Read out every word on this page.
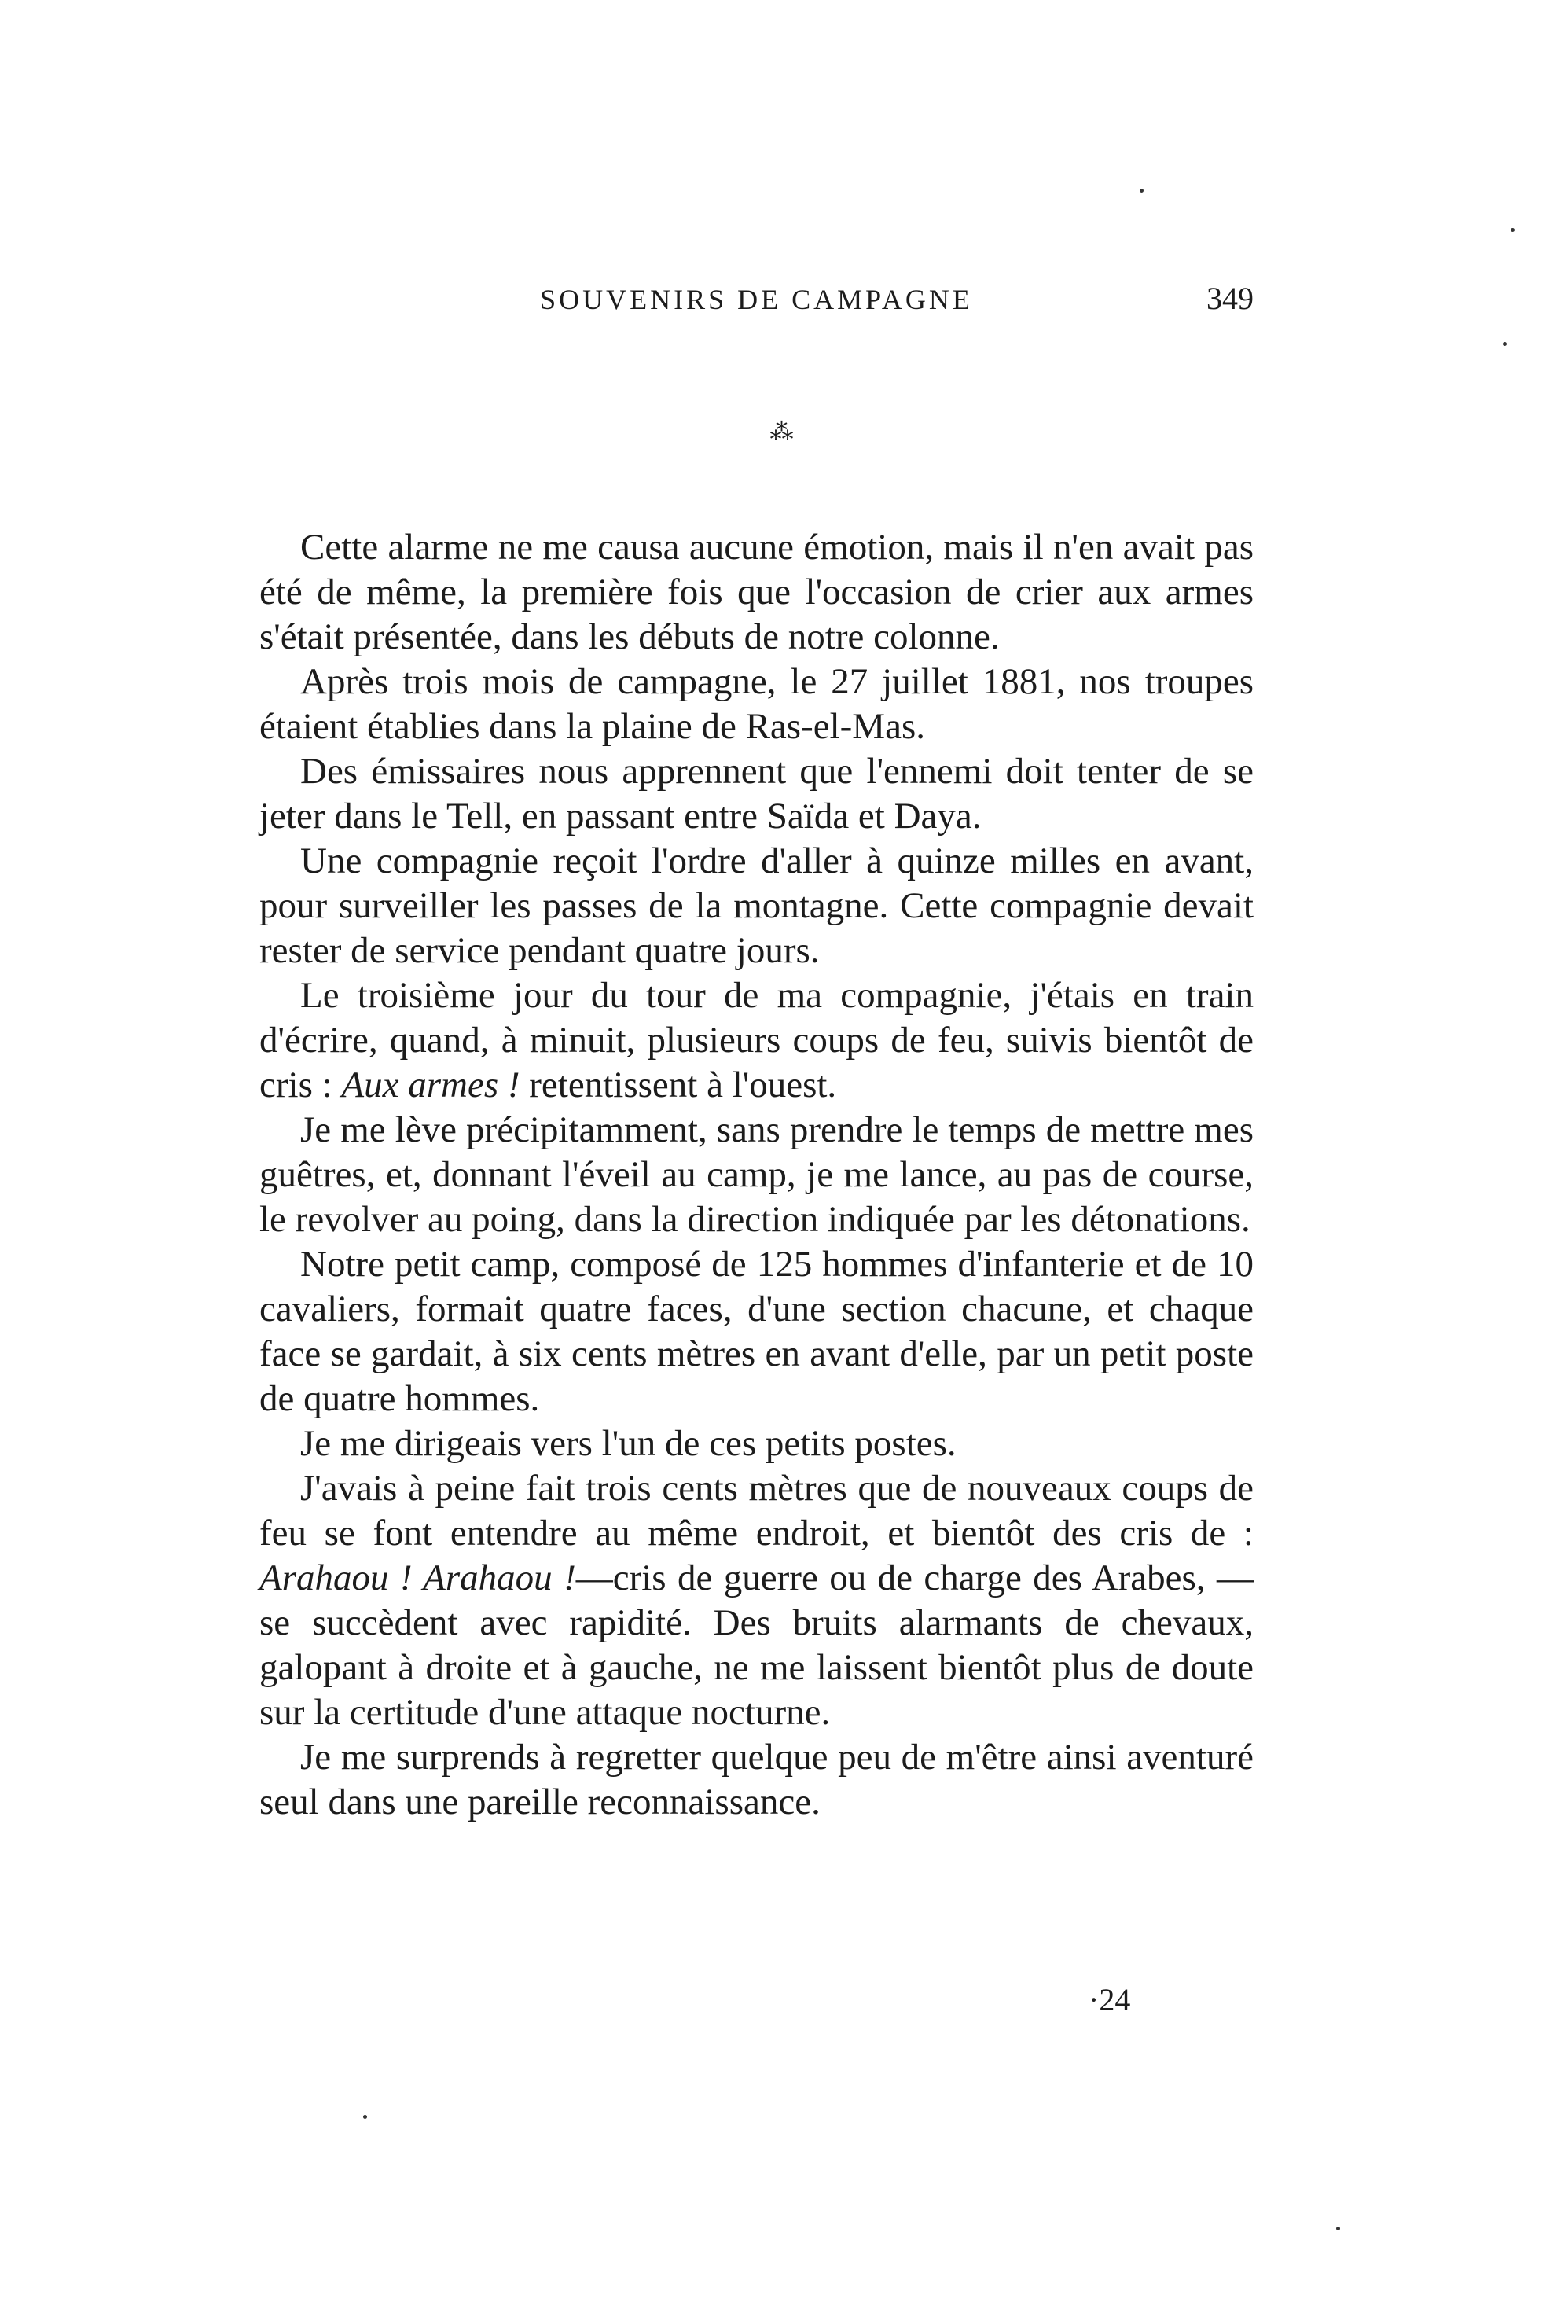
SOUVENIRS DE CAMPAGNE	349
⁂

Cette alarme ne me causa aucune émotion, mais il n'en avait pas été de même, la première fois que l'occasion de crier aux armes s'était présentée, dans les débuts de notre colonne.

Après trois mois de campagne, le 27 juillet 1881, nos troupes étaient établies dans la plaine de Ras-el-Mas.

Des émissaires nous apprennent que l'ennemi doit tenter de se jeter dans le Tell, en passant entre Saïda et Daya.

Une compagnie reçoit l'ordre d'aller à quinze milles en avant, pour surveiller les passes de la montagne. Cette compagnie devait rester de service pendant quatre jours.

Le troisième jour du tour de ma compagnie, j'étais en train d'écrire, quand, à minuit, plusieurs coups de feu, suivis bientôt de cris : Aux armes ! retentissent à l'ouest.

Je me lève précipitamment, sans prendre le temps de mettre mes guêtres, et, donnant l'éveil au camp, je me lance, au pas de course, le revolver au poing, dans la direction indiquée par les détonations.

Notre petit camp, composé de 125 hommes d'infanterie et de 10 cavaliers, formait quatre faces, d'une section chacune, et chaque face se gardait, à six cents mètres en avant d'elle, par un petit poste de quatre hommes.

Je me dirigeais vers l'un de ces petits postes.

J'avais à peine fait trois cents mètres que de nouveaux coups de feu se font entendre au même endroit, et bientôt des cris de : Arahaou ! Arahaou !—cris de guerre ou de charge des Arabes, — se succèdent avec rapidité. Des bruits alarmants de chevaux, galopant à droite et à gauche, ne me laissent bientôt plus de doute sur la certitude d'une attaque nocturne.

Je me surprends à regretter quelque peu de m'être ainsi aventuré seul dans une pareille reconnaissance.

·24
